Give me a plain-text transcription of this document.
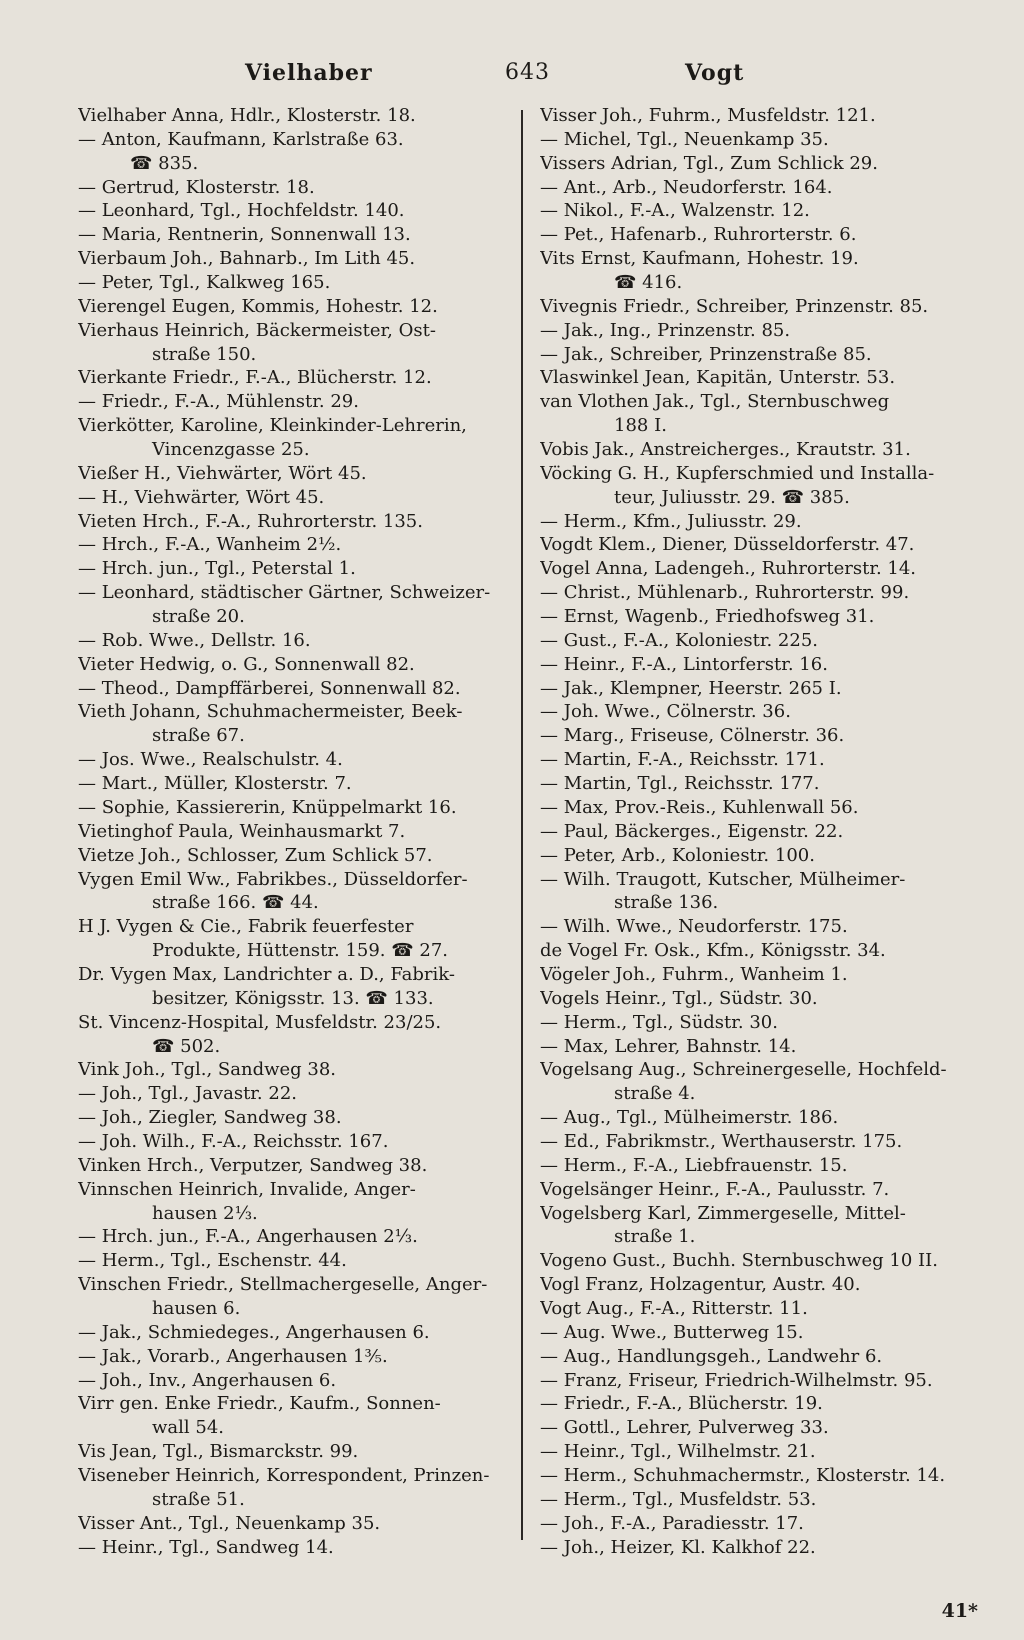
Vielhaber	643	Vogt
Vielhaber Anna, Hdlr., Klosterstr. 18.
— Anton, Kaufmann, Karlstraße 63.
☎ 835.
— Gertrud, Klosterstr. 18.
— Leonhard, Tgl., Hochfeldstr. 140.
— Maria, Rentnerin, Sonnenwall 13.
Vierbaum Joh., Bahnarb., Im Lith 45.
— Peter, Tgl., Kalkweg 165.
Vierengel Eugen, Kommis, Hohestr. 12.
Vierhaus Heinrich, Bäckermeister, Ost-
straße 150.
Vierkante Friedr., F.-A., Blücherstr. 12.
— Friedr., F.-A., Mühlenstr. 29.
Vierkötter, Karoline, Kleinkinder-Lehrerin,
Vincenzgasse 25.
Vießer H., Viehwärter, Wört 45.
— H., Viehwärter, Wört 45.
Vieten Hrch., F.-A., Ruhrorterstr. 135.
— Hrch., F.-A., Wanheim 2½.
— Hrch. jun., Tgl., Peterstal 1.
— Leonhard, städtischer Gärtner, Schweizer-
straße 20.
— Rob. Wwe., Dellstr. 16.
Vieter Hedwig, o. G., Sonnenwall 82.
— Theod., Dampffärberei, Sonnenwall 82.
Vieth Johann, Schuhmachermeister, Beek-
straße 67.
— Jos. Wwe., Realschulstr. 4.
— Mart., Müller, Klosterstr. 7.
— Sophie, Kassiererin, Knüppelmarkt 16.
Vietinghof Paula, Weinhausmarkt 7.
Vietze Joh., Schlosser, Zum Schlick 57.
Vygen Emil Ww., Fabrikbes., Düsseldorfer-
straße 166. ☎ 44.
H J. Vygen & Cie., Fabrik feuerfester
Produkte, Hüttenstr. 159. ☎ 27.
Dr. Vygen Max, Landrichter a. D., Fabrik-
besitzer, Königsstr. 13. ☎ 133.
St. Vincenz-Hospital, Musfeldstr. 23/25.
☎ 502.
Vink Joh., Tgl., Sandweg 38.
— Joh., Tgl., Javastr. 22.
— Joh., Ziegler, Sandweg 38.
— Joh. Wilh., F.-A., Reichsstr. 167.
Vinken Hrch., Verputzer, Sandweg 38.
Vinnschen Heinrich, Invalide, Anger-
hausen 2⅓.
— Hrch. jun., F.-A., Angerhausen 2⅓.
— Herm., Tgl., Eschenstr. 44.
Vinschen Friedr., Stellmachergeselle, Anger-
hausen 6.
— Jak., Schmiedeges., Angerhausen 6.
— Jak., Vorarb., Angerhausen 1⅗.
— Joh., Inv., Angerhausen 6.
Virr gen. Enke Friedr., Kaufm., Sonnen-
wall 54.
Vis Jean, Tgl., Bismarckstr. 99.
Viseneber Heinrich, Korrespondent, Prinzen-
straße 51.
Visser Ant., Tgl., Neuenkamp 35.
— Heinr., Tgl., Sandweg 14.
Visser Joh., Fuhrm., Musfeldstr. 121.
— Michel, Tgl., Neuenkamp 35.
Vissers Adrian, Tgl., Zum Schlick 29.
— Ant., Arb., Neudorferstr. 164.
— Nikol., F.-A., Walzenstr. 12.
— Pet., Hafenarb., Ruhrorterstr. 6.
Vits Ernst, Kaufmann, Hohestr. 19.
☎ 416.
Vivegnis Friedr., Schreiber, Prinzenstr. 85.
— Jak., Ing., Prinzenstr. 85.
— Jak., Schreiber, Prinzenstraße 85.
Vlaswinkel Jean, Kapitän, Unterstr. 53.
van Vlothen Jak., Tgl., Sternbuschweg
188 I.
Vobis Jak., Anstreicherges., Krautstr. 31.
Vöcking G. H., Kupferschmied und Installa-
teur, Juliusstr. 29. ☎ 385.
— Herm., Kfm., Juliusstr. 29.
Vogdt Klem., Diener, Düsseldorferstr. 47.
Vogel Anna, Ladengeh., Ruhrorterstr. 14.
— Christ., Mühlenarb., Ruhrorterstr. 99.
— Ernst, Wagenb., Friedhofsweg 31.
— Gust., F.-A., Koloniestr. 225.
— Heinr., F.-A., Lintorferstr. 16.
— Jak., Klempner, Heerstr. 265 I.
— Joh. Wwe., Cölnerstr. 36.
— Marg., Friseuse, Cölnerstr. 36.
— Martin, F.-A., Reichsstr. 171.
— Martin, Tgl., Reichsstr. 177.
— Max, Prov.-Reis., Kuhlenwall 56.
— Paul, Bäckerges., Eigenstr. 22.
— Peter, Arb., Koloniestr. 100.
— Wilh. Traugott, Kutscher, Mülheimer-
straße 136.
— Wilh. Wwe., Neudorferstr. 175.
de Vogel Fr. Osk., Kfm., Königsstr. 34.
Vögeler Joh., Fuhrm., Wanheim 1.
Vogels Heinr., Tgl., Südstr. 30.
— Herm., Tgl., Südstr. 30.
— Max, Lehrer, Bahnstr. 14.
Vogelsang Aug., Schreinergeselle, Hochfeld-
straße 4.
— Aug., Tgl., Mülheimerstr. 186.
— Ed., Fabrikmstr., Werthauserstr. 175.
— Herm., F.-A., Liebfrauenstr. 15.
Vogelsänger Heinr., F.-A., Paulusstr. 7.
Vogelsberg Karl, Zimmergeselle, Mittel-
straße 1.
Vogeno Gust., Buchh. Sternbuschweg 10 II.
Vogl Franz, Holzagentur, Austr. 40.
Vogt Aug., F.-A., Ritterstr. 11.
— Aug. Wwe., Butterweg 15.
— Aug., Handlungsgeh., Landwehr 6.
— Franz, Friseur, Friedrich-Wilhelmstr. 95.
— Friedr., F.-A., Blücherstr. 19.
— Gottl., Lehrer, Pulverweg 33.
— Heinr., Tgl., Wilhelmstr. 21.
— Herm., Schuhmachermstr., Klosterstr. 14.
— Herm., Tgl., Musfeldstr. 53.
— Joh., F.-A., Paradiesstr. 17.
— Joh., Heizer, Kl. Kalkhof 22.
41*
